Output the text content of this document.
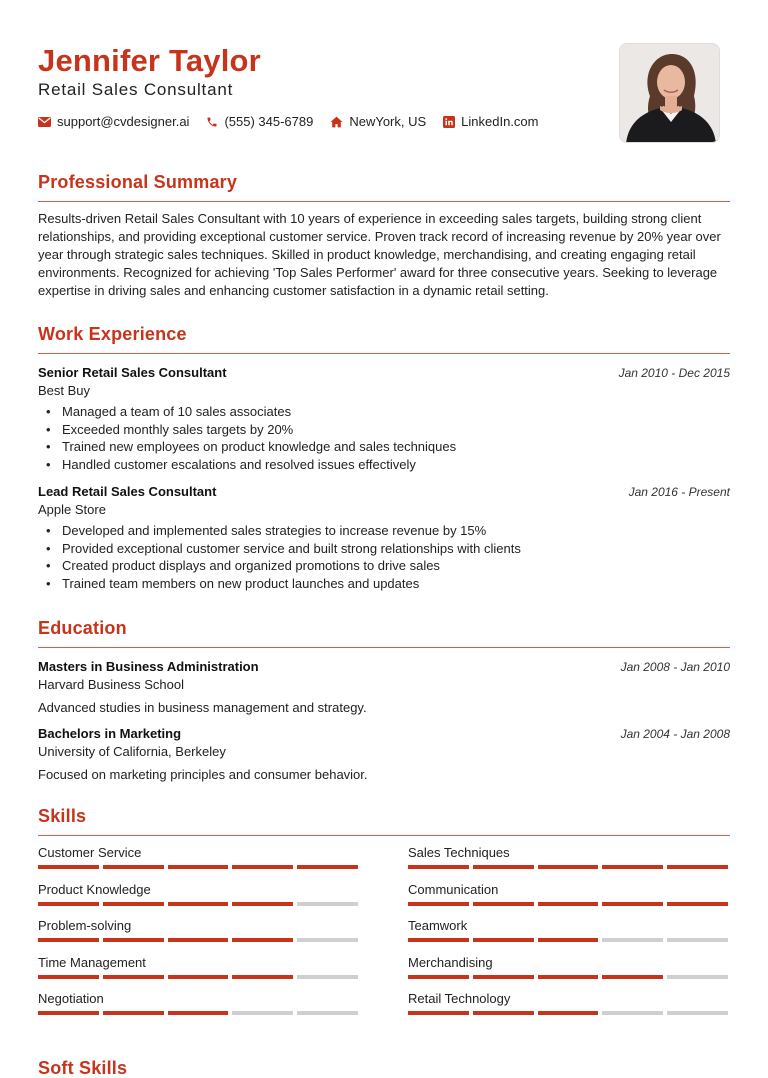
Jennifer Taylor
Retail Sales Consultant
support@cvdesigner.ai	(555) 345-6789	NewYork, US	LinkedIn.com
Professional Summary

Results-driven Retail Sales Consultant with 10 years of experience in exceeding sales targets, building strong client relationships, and providing exceptional customer service. Proven track record of increasing revenue by 20% year over year through strategic sales techniques. Skilled in product knowledge, merchandising, and creating engaging retail environments. Recognized for achieving 'Top Sales Performer' award for three consecutive years. Seeking to leverage expertise in driving sales and enhancing customer satisfaction in a dynamic retail setting.

Work Experience
Senior Retail Sales Consultant	Jan 2010 - Dec 2015
Best Buy
• Managed a team of 10 sales associates
• Exceeded monthly sales targets by 20%
• Trained new employees on product knowledge and sales techniques
• Handled customer escalations and resolved issues effectively
Lead Retail Sales Consultant	Jan 2016 - Present
Apple Store
• Developed and implemented sales strategies to increase revenue by 15%
• Provided exceptional customer service and built strong relationships with clients
• Created product displays and organized promotions to drive sales
• Trained team members on new product launches and updates
Education
Masters in Business Administration	Jan 2008 - Jan 2010
Harvard Business School
Advanced studies in business management and strategy.
Bachelors in Marketing	Jan 2004 - Jan 2008
University of California, Berkeley
Focused on marketing principles and consumer behavior.
Skills
Customer Service	Sales Techniques
Product Knowledge	Communication
Problem-solving	Teamwork
Time Management	Merchandising
Negotiation	Retail Technology
Soft Skills
